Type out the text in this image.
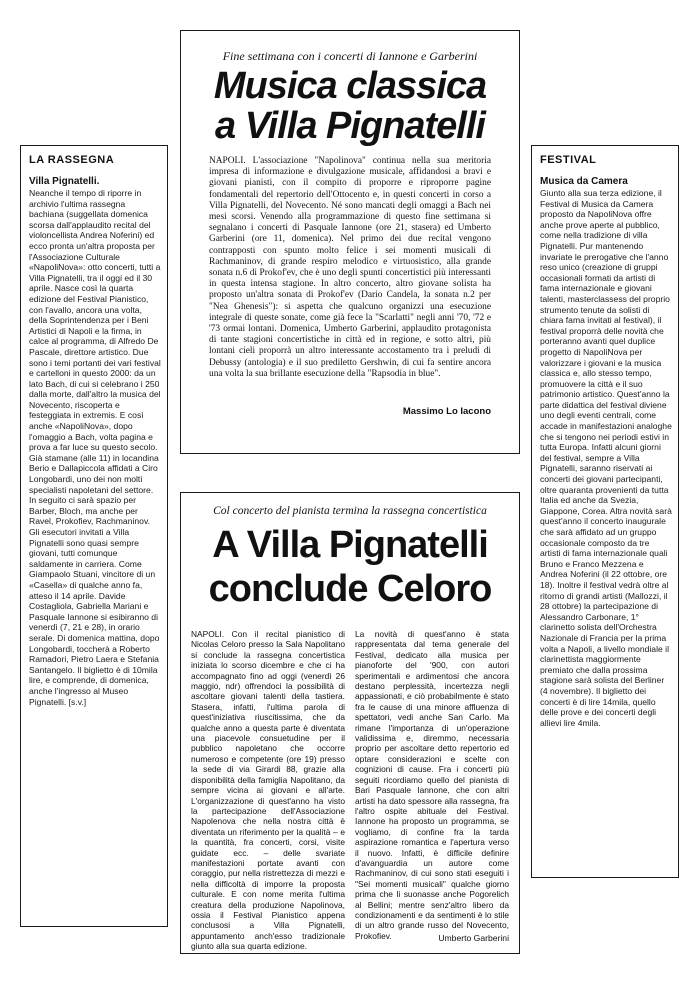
LA RASSEGNA
Villa Pignatelli.
Neanche il tempo di riporre in archivio l'ultima rassegna bachiana (suggellata domenica scorsa dall'applaudito recital del violoncellista Andrea Noferini) ed ecco pronta un'altra proposta per l'Associazione Culturale «NapoliNova»: otto concerti, tutti a Villa Pignatelli, tra il oggi ed il 30 aprile. Nasce così la quarta edizione del Festival Pianistico, con l'avallo, ancora una volta, della Soprintendenza per i Beni Artistici di Napoli e la firma, in calce al programma, di Alfredo De Pascale, direttore artistico. Due sono i temi portanti dei vari festival e cartelloni in questo 2000: da un lato Bach, di cui si celebrano i 250 dalla morte, dall'altro la musica del Novecento, riscoperta e festeggiata in extremis. E così anche «NapoliNova», dopo l'omaggio a Bach, volta pagina e prova a far luce su questo secolo. Già stamane (alle 11) in locandina Berio e Dallapiccola affidati a Ciro Longobardi, uno dei non molti specialisti napoletani del settore. In seguito ci sarà spazio per Barber, Bloch, ma anche per Ravel, Prokofiev, Rachmaninov. Gli esecutori invitati a Villa Pignatelli sono quasi sempre giovani, tutti comunque saldamente in carriera. Come Giampaolo Stuani, vincitore di un «Casella» di qualche anno fa, atteso il 14 aprile. Davide Costagliola, Gabriella Mariani e Pasquale Iannone si esibiranno di venerdì (7, 21 e 28), in orario serale. Di domenica mattina, dopo Longobardi, toccherà a Roberto Ramadori, Pietro Laera e Stefania Santangelo. Il biglietto è di 10mila lire, e comprende, di domenica, anche l'ingresso al Museo Pignatelli. [s.v.]
Fine settimana con i concerti di Iannone e Garberini
Musica classica
a Villa Pignatelli
NAPOLI. L'associazione "Napolinova" continua nella sua meritoria impresa di informazione e divulgazione musicale, affidandosi a bravi e giovani pianisti, con il compito di proporre e riproporre pagine fondamentali del repertorio dell'Ottocento e, in questi concerti in corso a Villa Pignatelli, del Novecento. Né sono mancati degli omaggi a Bach nei mesi scorsi. Venendo alla programmazione di questo fine settimana si segnalano i concerti di Pasquale Iannone (ore 21, stasera) ed Umberto Garberini (ore 11, domenica). Nel primo dei due recital vengono contrapposti con spunto molto felice i sei momenti musicali di Rachmaninov, di grande respiro melodico e virtuosistico, alla grande sonata n.6 di Prokof'ev, che è uno degli spunti concertistici più interessanti in questa intensa stagione. In altro concerto, altro giovane solista ha proposto un'altra sonata di Prokof'ev (Dario Candela, la sonata n.2 per "Nea Ghenesis"): si aspetta che qualcuno organizzi una esecuzione integrale di queste sonate, come già fece la "Scarlatti" negli anni '70, '72 e '73 ormai lontani. Domenica, Umberto Garberini, applaudito protagonista di tante stagioni concertistiche in città ed in regione, e sotto altri, più lontani cieli proporrà un altro interessante accostamento tra i preludi di Debussy (antologia) e il suo prediletto Gershwin, di cui fa sentire ancora una volta la sua brillante esecuzione della "Rapsodia in blue".
Massimo Lo Iacono
Col concerto del pianista termina la rassegna concertistica
A Villa Pignatelli
conclude Celoro
NAPOLI. Con il recital pianistico di Nicolas Celoro presso la Sala Napolitano si conclude la rassegna concertistica iniziata lo scorso dicembre e che ci ha accompagnato fino ad oggi (venerdì 26 maggio, ndr) offrendoci la possibilità di ascoltare giovani talenti della tastiera. Stasera, infatti, l'ultima parola di quest'iniziativa riuscitissima, che da qualche anno a questa parte è diventata una piacevole consuetudine per il pubblico napoletano che occorre numeroso e competente (ore 19) presso la sede di via Girardi 88, grazie alla disponibilità della famiglia Napolitano, da sempre vicina ai giovani e all'arte. L'organizzazione di quest'anno ha visto la partecipazione dell'Associazione Napolenova che nella nostra città è diventata un riferimento per la qualità – e la quantità, fra concerti, corsi, visite guidate ecc. – delle svariate manifestazioni portate avanti con coraggio, pur nella ristrettezza di mezzi e nella difficoltà di imporre la proposta culturale. E con nome merita l'ultima creatura della produzione Napolinova, ossia il Festival Pianistico appena conclusosi a Villa Pignatelli, appuntamento anch'esso tradizionale giunto alla sua quarta edizione.
La novità di quest'anno è stata rappresentata dal tema generale del Festival, dedicato alla musica per pianoforte del '900, con autori sperimentali e ardimentosi che ancora destano perplessità, incertezza negli appassionati, e ciò probabilmente è stato fra le cause di una minore affluenza di spettatori, vedi anche San Carlo. Ma rimane l'importanza di un'operazione validissima e, diremmo, necessaria proprio per ascoltare detto repertorio ed optare considerazioni e scelte con cognizioni di cause. Fra i concerti più seguiti ricordiamo quello del pianista di Bari Pasquale Iannone, che con altri artisti ha dato spessore alla rassegna, fra l'altro ospite abituale del Festival. Iannone ha proposto un programma, se vogliamo, di confine fra la tarda aspirazione romantica e l'apertura verso il nuovo. Infatti, è difficile definire d'avanguardia un autore come Rachmaninov, di cui sono stati eseguiti i "Sei momenti musicali" qualche giorno prima che li suonasse anche Pogorelich al Bellini; mentre senz'altro libero da condizionamenti e da sentimenti è lo stile di un altro grande russo del Novecento, Prokofiev.	Umberto Garberini
FESTIVAL
Musica da Camera
Giunto alla sua terza edizione, il Festival di Musica da Camera proposto da NapoliNova offre anche prove aperte al pubblico, come nella tradizione di villa Pignatelli. Pur mantenendo invariate le prerogative che l'anno reso unico (creazione di gruppi occasionali formati da artisti di fama internazionale e giovani talenti, masterclassess del proprio strumento tenute da solisti di chiara fama invitati al festival), il festival proporrà delle novità che porteranno avanti quel duplice progetto di NapoliNova per valorizzare i giovani e la musica classica e, allo stesso tempo, promuovere la città e il suo patrimonio artistico. Quest'anno la parte didattica del festival diviene uno degli eventi centrali, come accade in manifestazioni analoghe che si tengono nei periodi estivi in tutta Europa. Infatti alcuni giorni del festival, sempre a Villa Pignatelli, saranno riservati ai concerti dei giovani partecipanti, oltre quaranta provenienti da tutta Italia ed anche da Svezia, Giappone, Corea. Altra novità sarà quest'anno il concerto inaugurale che sarà affidato ad un gruppo occasionale composto da tre artisti di fama internazionale quali Bruno e Franco Mezzena e Andrea Noferini (il 22 ottobre, ore 18). Inoltre il festival vedrà oltre al ritorno di grandi artisti (Mallozzi, il 28 ottobre) la partecipazione di Alessandro Carbonare, 1° clarinetto solista dell'Orchestra Nazionale di Francia per la prima volta a Napoli, a livello mondiale il clarinettista maggiormente premiato che dalla prossima stagione sarà solista del Berliner (4 novembre). Il biglietto dei concerti è di lire 14mila, quello delle prove e dei concerti degli allievi lire 4mila.
